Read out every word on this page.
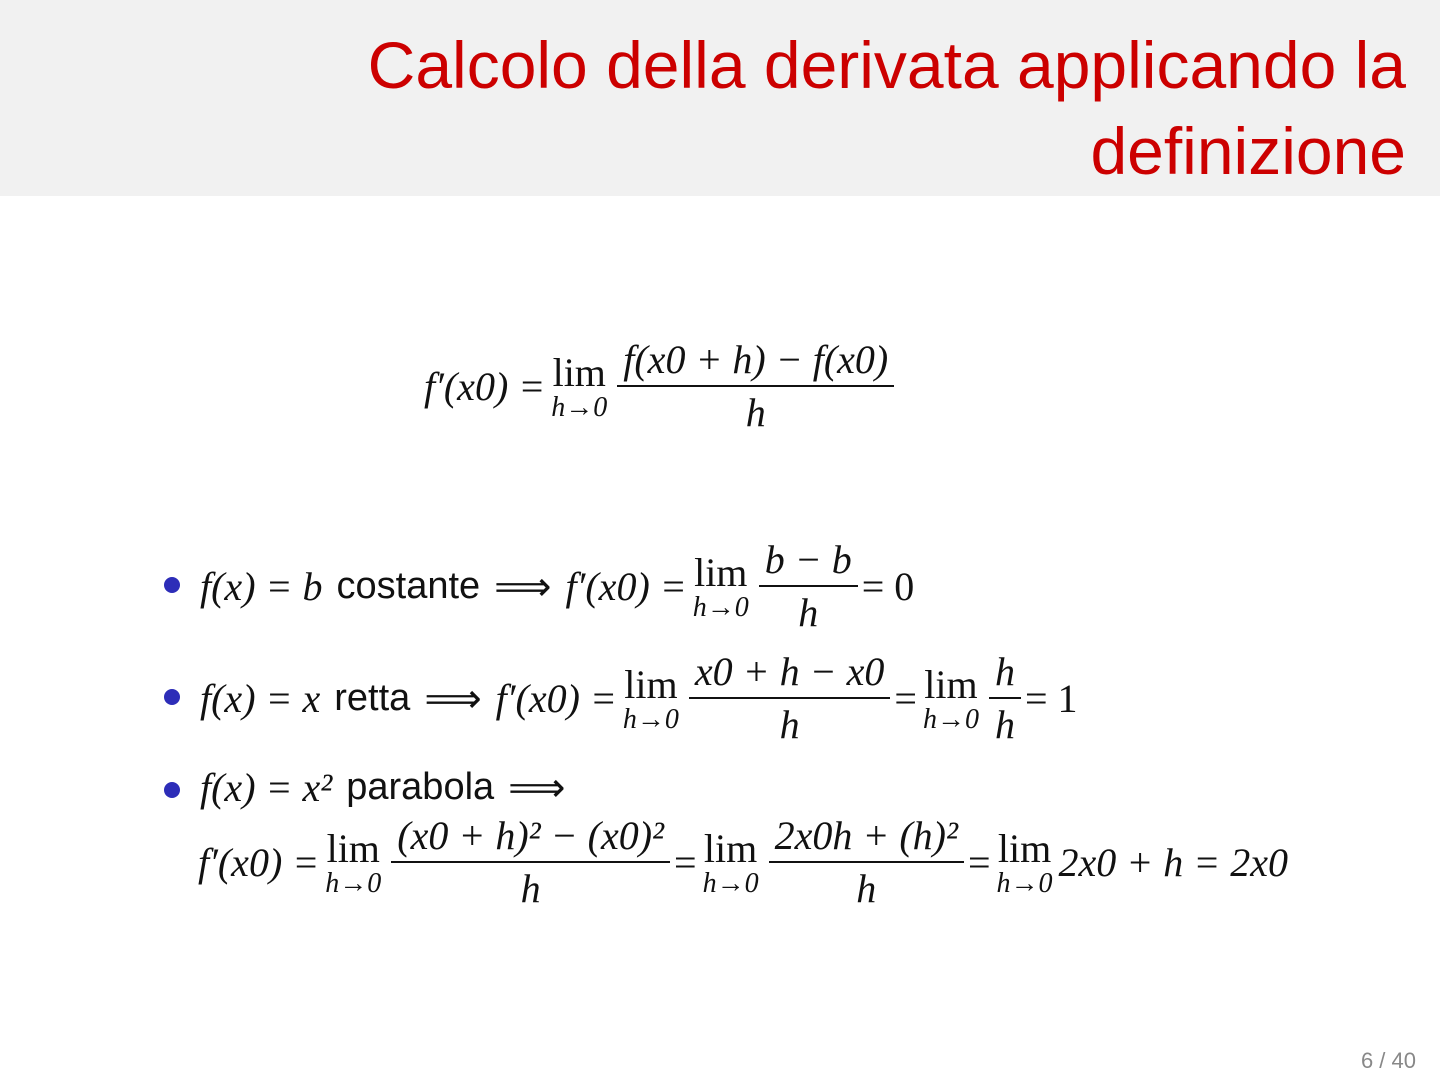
Calcolo della derivata applicando la
definizione
f′(x0) = lim
$h\to 0 \frac{f(x0 + h) - f(x0)}{h}$
f(x) = b costante ⟹ f′(x0) = lim
$h\to 0 \frac{b - b}{h} = 0$
f(x) = x retta ⟹ f′(x0) = lim
$h\to 0 \frac{x0 + h - x0}{h} = \lim$
$h\to 0 \frac{h}{h} = 1$
f(x) = x² parabola ⟹
f′(x0) = lim
$h\to 0 \frac{\text{(x0 + h)² − (x0)²}}{h} = \lim$
$h\to 0 \frac{\text{2x0h + (h)²}}{h} = \lim$
h→0 2x0 + h = 2x0
6 / 40
